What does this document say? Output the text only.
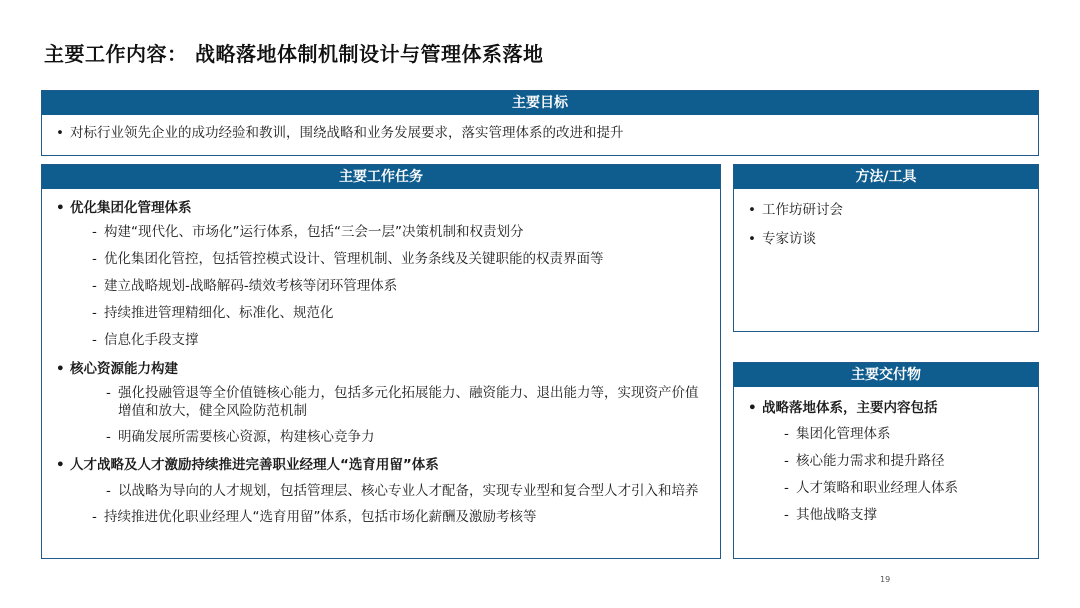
主要工作内容： 战略落地体制机制设计与管理体系落地
主要目标
• 对标行业领先企业的成功经验和教训，围绕战略和业务发展要求，落实管理体系的改进和提升
主要工作任务
• 优化集团化管理体系
- 构建“现代化、市场化”运行体系，包括“三会一层”决策机制和权责划分
- 优化集团化管控，包括管控模式设计、管理机制、业务条线及关键职能的权责界面等
- 建立战略规划-战略解码-绩效考核等闭环管理体系
- 持续推进管理精细化、标准化、规范化
- 信息化手段支撑
• 核心资源能力构建
- 强化投融管退等全价值链核心能力，包括多元化拓展能力、融资能力、退出能力等，实现资产价值增值和放大，健全风险防范机制
- 明确发展所需要核心资源，构建核心竞争力
• 人才战略及人才激励持续推进完善职业经理人“选育用留”体系
- 以战略为导向的人才规划，包括管理层、核心专业人才配备，实现专业型和复合型人才引入和培养
- 持续推进优化职业经理人“选育用留”体系，包括市场化薪酬及激励考核等
方法/工具
• 工作坊研讨会
• 专家访谈
主要交付物
• 战略落地体系，主要内容包括
- 集团化管理体系
- 核心能力需求和提升路径
- 人才策略和职业经理人体系
- 其他战略支撑
19
